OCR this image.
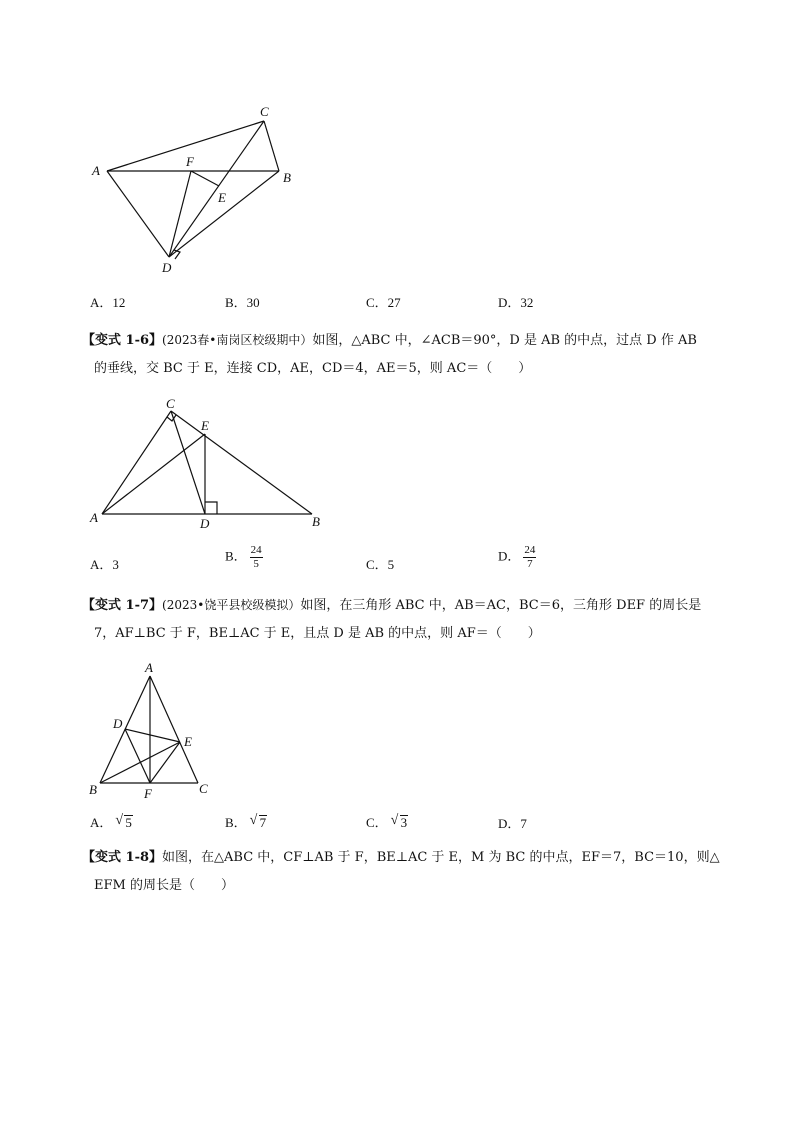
A
C
B
F
E
D
A．12	B．30	C．27	D．32
【变式 1-6】(2023春•南岗区校级期中）如图，△ABC 中，∠ACB＝90°，D 是 AB 的中点，过点 D 作 AB
的垂线，交 BC 于 E，连接 CD，AE，CD＝4，AE＝5，则 AC＝（　　）
C
E
A	D	B
A．3
B． $\frac{24}{5}$	C．5
D． $\frac{24}{7}$
【变式 1-7】(2023•饶平县校级模拟）如图，在三角形 ABC 中，AB＝AC，BC＝6，三角形 DEF 的周长是
7，AF⊥BC 于 F，BE⊥AC 于 E，且点 D 是 AB 的中点，则 AF＝（　　）
A
D
E
B	F	C
A． √ 5	B． √ 7	C． √ 3	D．7
【变式 1-8】如图，在△ABC 中，CF⊥AB 于 F，BE⊥AC 于 E，M 为 BC 的中点，EF＝7，BC＝10，则△
EFM 的周长是（　　）
